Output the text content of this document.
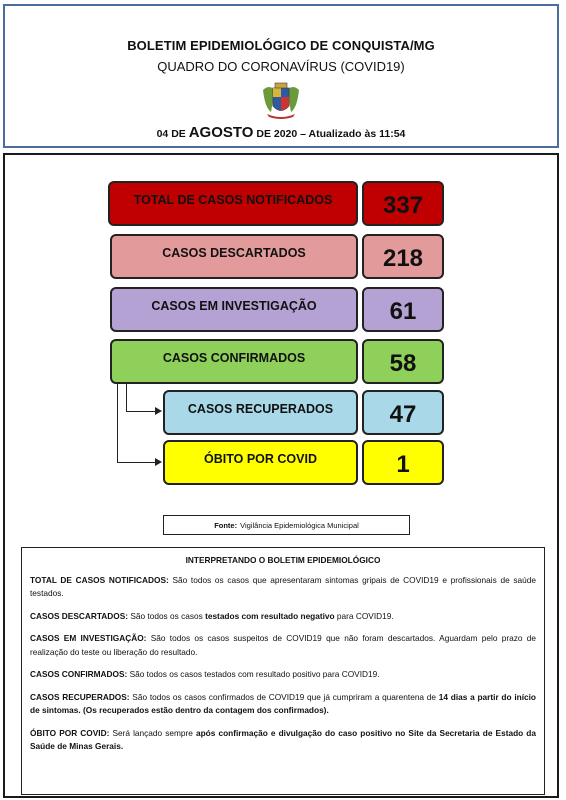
BOLETIM EPIDEMIOLÓGICO DE CONQUISTA/MG
QUADRO DO CORONAVÍRUS (COVID19)
04 DE AGOSTO DE 2020 – Atualizado às 11:54
TOTAL DE CASOS NOTIFICADOS 337
CASOS DESCARTADOS	218
CASOS EM INVESTIGAÇÃO	61
CASOS CONFIRMADOS	58
CASOS RECUPERADOS 47
ÓBITO POR COVID	1
Fonte: Vigilância Epidemiológica Municipal
INTERPRETANDO O BOLETIM EPIDEMIOLÓGICO

TOTAL DE CASOS NOTIFICADOS: São todos os casos que apresentaram sintomas gripais de COVID19 e profissionais de saúde testados.

CASOS DESCARTADOS: São todos os casos testados com resultado negativo para COVID19.

CASOS EM INVESTIGAÇÃO: São todos os casos suspeitos de COVID19 que não foram descartados. Aguardam pelo prazo de realização do teste ou liberação do resultado.

CASOS CONFIRMADOS: São todos os casos testados com resultado positivo para COVID19.

CASOS RECUPERADOS: São todos os casos confirmados de COVID19 que já cumpriram a quarentena de 14 dias a partir do início de sintomas. (Os recuperados estão dentro da contagem dos confirmados).

ÓBITO POR COVID: Será lançado sempre após confirmação e divulgação do caso positivo no Site da Secretaria de Estado da Saúde de Minas Gerais.
